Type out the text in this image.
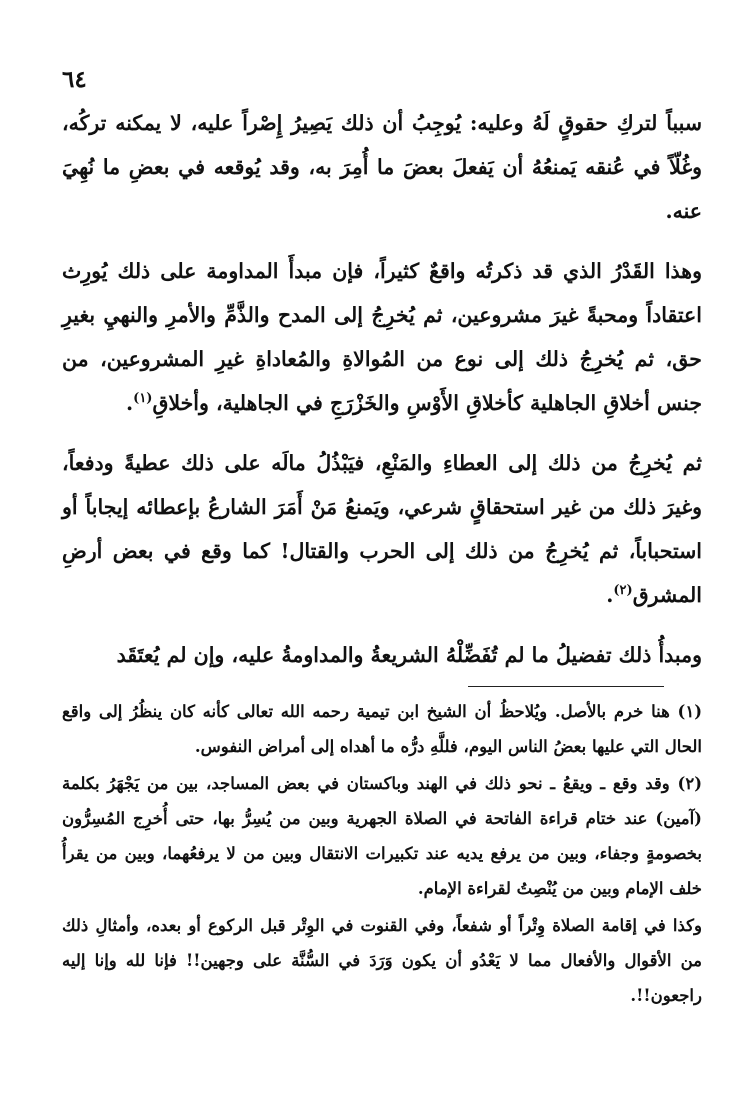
٦٤

سبباً لتركِ حقوقٍ لَهُ وعليه: يُوجِبُ أن ذلك يَصِيرُ إِصْراً عليه، لا يمكنه تركُه، وغُلّاً في عُنقه يَمنعُهُ أن يَفعلَ بعضَ ما أُمِرَ به، وقد يُوقعه في بعضِ ما نُهِيَ عنه.

وهذا القَدْرُ الذي قد ذكرتُه واقعٌ كثيراً، فإن مبدأَ المداومة على ذلك يُورِث اعتقاداً ومحبةً غيرَ مشروعين، ثم يُخرِجُ إلى المدح والذَّمِّ والأمرِ والنهيِ بغيرِ حق، ثم يُخرِجُ ذلك إلى نوع من المُوالاةِ والمُعاداةِ غيرِ المشروعين، من جنس أخلاقِ الجاهلية كأخلاقِ الأَوْسِ والخَزْرَجِ في الجاهلية، وأخلاقِ$^{(١)}$.

ثم يُخرِجُ من ذلك إلى العطاءِ والمَنْعِ، فيَبْذُلُ مالَه على ذلك عطيةً ودفعاً، وغيرَ ذلك من غير استحقاقٍ شرعي، ويَمنعُ مَنْ أَمَرَ الشارعُ بإعطائه إيجاباً أو استحباباً، ثم يُخرِجُ من ذلك إلى الحرب والقتال! كما وقع في بعض أرضِ المشرق$^{(٢)}$.

ومبدأُ ذلك تفضيلُ ما لم تُفَضِّلْهُ الشريعةُ والمداومةُ عليه، وإن لم يُعتَقَد

(١) هنا خرم بالأصل. ويُلاحظُ أن الشيخ ابن تيمية رحمه الله تعالى كأنه كان ينظُرُ إلى واقع الحال التي عليها بعضُ الناس اليوم، فللَّهِ درُّه ما أهداه إلى أمراض النفوس.

(٢) وقد وقع ـ ويقعُ ـ نحو ذلك في الهند وباكستان في بعض المساجد، بين من يَجْهَرُ بكلمة (آمين) عند ختام قراءة الفاتحة في الصلاة الجهرية وبين من يُسِرُّ بها، حتى أُخرِج المُسِرُّون بخصومةٍ وجفاء، وبين من يرفع يديه عند تكبيرات الانتقال وبين من لا يرفعُهما، وبين من يقرأُ خلف الإمام وبين من يُنْصِتُ لقراءة الإمام.

وكذا في إقامة الصلاة وِتْراً أو شفعاً، وفي القنوت في الوِتْر قبل الركوع أو بعده، وأمثالِ ذلك من الأقوال والأفعال مما لا يَعْدُو أن يكون وَرَدَ في السُّنَّة على وجهين!! فإنا لله وإنا إليه راجعون!!.
